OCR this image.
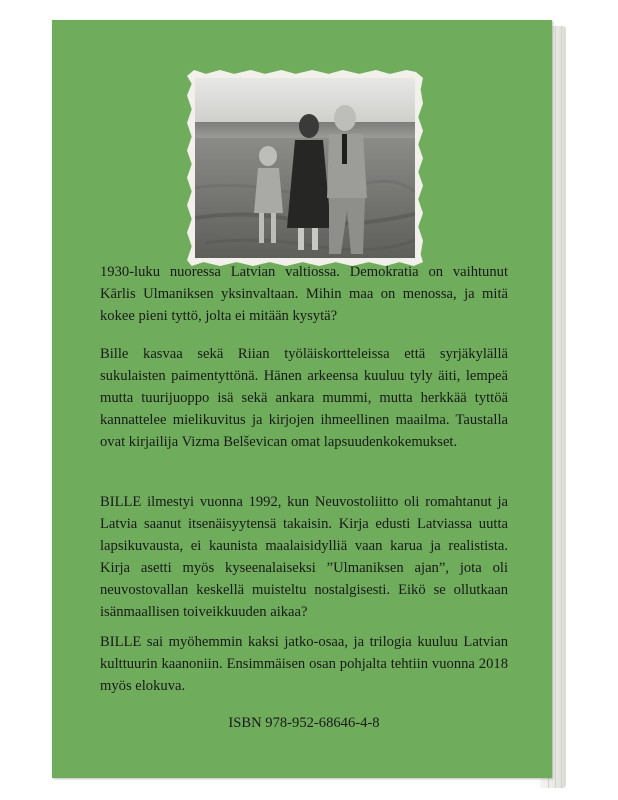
1930-luku nuoressa Latvian valtiossa. Demokratia on vaihtunut Kārlis Ulmaniksen yksinvaltaan. Mihin maa on menossa, ja mitä kokee pieni tyttö, jolta ei mitään kysytä?

Bille kasvaa sekä Riian työläiskortteleissa että syrjäkylällä sukulaisten paimentyttönä. Hänen arkeensa kuuluu tyly äiti, lempeä mutta tuurijuoppo isä sekä ankara mummi, mutta herkkää tyttöä kannattelee mielikuvitus ja kirjojen ihmeellinen maailma. Taustalla ovat kirjailija Vizma Belševican omat lapsuudenkokemukset.

BILLE ilmestyi vuonna 1992, kun Neuvostoliitto oli romahtanut ja Latvia saanut itsenäisyytensä takaisin. Kirja edusti Latviassa uutta lapsikuvausta, ei kaunista maalaisidylliä vaan karua ja realistista. Kirja asetti myös kyseenalaiseksi ”Ulmaniksen ajan”, jota oli neuvostovallan keskellä muisteltu nostalgisesti. Eikö se ollutkaan isänmaallisen toiveikkuuden aikaa?

BILLE sai myöhemmin kaksi jatko-osaa, ja trilogia kuuluu Latvian kulttuurin kaanoniin. Ensimmäisen osan pohjalta tehtiin vuonna 2018 myös elokuva.

ISBN 978-952-68646-4-8
